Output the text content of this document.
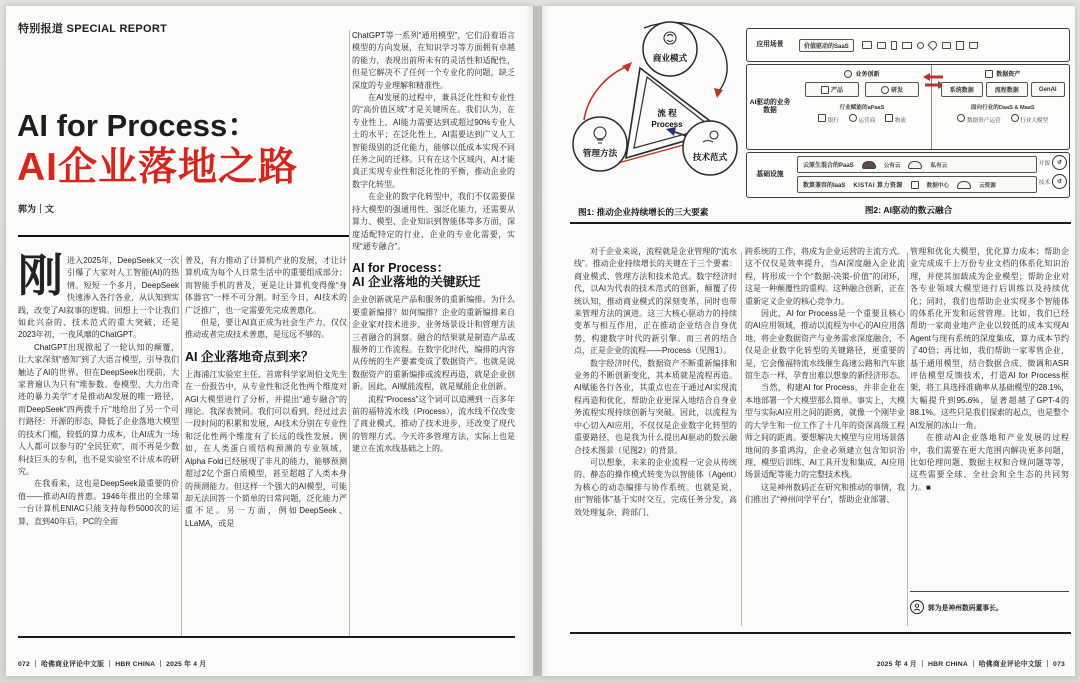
特别报道 SPECIAL REPORT
AI for Process：
AI企业落地之路
郭为｜文

刚进入2025年，DeepSeek又一次引爆了大家对人工智能(AI)的热情。短短一个多月，DeepSeek快速渗入各行各业，从认知到实践，改变了AI叙事的逻辑。回想上一个让我们如此兴奋的、技术范式的重大突破，还是2023年初，一夜风靡的ChatGPT。

ChatGPT出现掀起了一轮认知的颠覆，让大家深刻“感知”到了大语言模型，引导我们触达了AI的世界。但在DeepSeek出现前，大家普遍认为只有“堆参数、卷模型、大力出奇迹的暴力美学”才是推动AI发展的唯一路径，而DeepSeek“四两拨千斤”地给出了另一个可行路径：开源的形态，降低了企业落地大模型的技术门槛，较低的算力成本，让AI成为一场人人都可以参与的“全民狂欢”，而不再是少数科技巨头的专利，也不是实验室不计成本的研究。

在我看来，这也是DeepSeek最重要的价值——推动AI的普惠。1946年推出的全球第一台计算机ENIAC只能支持每秒5000次的运算，直到40年后，PC的全面

普及，有力推动了计算机产业的发展，才让计算机成为每个人日常生活中的重要组成部分；而智能手机的普及，更是让计算机变得像“身体器官”一样不可分割。时至今日，AI技术的广泛推广，也一定需要先完成普惠化。

但是，要让AI真正成为社会生产力，仅仅推动或者完成技术普惠，是远远不够的。

AI 企业落地奇点到来？

上海浦江实验室主任、首席科学家周伯文先生在一份报告中，从专业性和泛化性两个维度对AGI大模型进行了分析，并提出“通专融合”的理论。我深表赞同。我们可以看到，经过过去一段时间的积累和发展，AI技术分别在专业性和泛化性两个维度有了长远的线性发展。例如，在人类蛋白质结构预测的专业领域，Alpha Fold已经展现了非凡的能力，能够预测超过2亿个蛋白质模型，甚至超越了人类本身的预测能力。但这样一个强大的AI模型，可能却无法回答一个简单的日常问题，泛化能力严重不足。另一方面，例如DeepSeek、LLaMA，或是

ChatGPT等一系列“通用模型”，它们沿着语言模型的方向发展，在知识学习等方面拥有卓越的能力，表现出前所未有的灵活性和适配性，但是它解决不了任何一个专业化的问题，缺乏深度的专业理解和精准性。

在AI发展的过程中，兼具泛化性和专业性的“高价值区域”才是关键所在。我们认为，在专业性上，AI能力需要达到或超过90%专业人士的水平；在泛化性上，AI需要达到广义人工智能级别的泛化能力，能够以低成本实现不同任务之间的迁移。只有在这个区域内，AI才能真正实现专业性和泛化性的平衡，推动企业的数字化转型。

在企业的数字化转型中，我们不仅需要保持大模型的强通用性、强泛化能力，还需要从算力、模型、企业知识到智能体等多方面，深度适配特定的行业、企业的专业化需要，实现“通专融合”。

AI for Process：
AI 企业落地的关键跃迁

企业创新就是产品和服务的重新编排。为什么要重新编排？如何编排？企业的重新编排来自企业家对技术进步、业务场景设计和管理方法三者融合的洞察。融合的结果就是制造产品或服务的工作流程。在数字化时代，编排的内容从传统的生产要素变成了数据资产。也就是说数据资产的重新编排或流程再造，就是企业创新。因此，AI赋能流程，就是赋能企业创新。

流程“Process”这个词可以追溯到一百多年前的福特流水线（Process），流水线不仅改变了商业模式，推动了技术进步，还改变了现代的管理方式。今天许多管理方法，实际上也是建立在流水线基础之上的。

072 ｜ 哈佛商业评论中文版 ｜ HBR CHINA ｜ 2025 年 4 月
商业模式
管理方法	技术范式
流 程
Process
图1: 推动企业持续增长的三大要素
应用场景	价值驱动的SaaS
AI驱动的业务数据
业务创新
产品	研发
行业赋能的aPaaS
银行	运营商	物流
数据资产
系统数据	流程数据	GenAI
面向行业的DaaS & MaaS
数据资产运营	行业大模型
基础设施
云原生混合的PaaS	公有云	私有云
数算兼容的IaaS KISTAI 算力资源	数据中心	云资源
开源	↺
技术	↺
图2: AI驱动的数云融合

对于企业来说，流程就是企业管理的“流水线”。推动企业持续增长的关键在于三个要素：商业模式、管理方法和技术范式。数字经济时代，以AI为代表的技术范式的创新，颠覆了传统认知，推动商业模式的深刻变革，同时也带来管理方法的演进。这三大核心驱动力的持续变革与相互作用，正在推动企业结合自身优势，构建数字时代的新引擎。而三者的结合点，正是企业的流程——Process（见图1）。

数字经济时代，数据资产不断重新编排和业务的不断创新变化，其本质就是流程再造。AI赋能各行各业，其重点也在于通过AI实现流程再造和优化，帮助企业更深入地结合自身业务流程实现持续创新与突破。因此，以流程为中心切入AI应用，不仅仅是企业数字化转型的重要路径，也是我为什么提出AI驱动的数云融合技术图景（见图2）的背景。

可以想象，未来的企业流程一定会从传统的、静态的操作模式转变为以智能体（Agent）为核心的动态编排与协作系统。也就是说，由“智能体”基于实时交互，完成任务分发，高效处理复杂、跨部门、

跨系统的工作，将成为企业运营的主流方式。这不仅仅是效率提升，当AI深度融入企业流程，将形成一个个“数据-决策-价值”的闭环，这是一种颠覆性的重构。这种融合创新，正在重新定义企业的核心竞争力。

因此，AI for Process是一个重要且核心的AI应用领域，推动以流程为中心的AI应用落地，将企业数据资产与业务需求深度融合，不仅是企业数字化转型的关键路径，更重要的是，它会像福特流水线催生高速公路和汽车旅馆生态一样，孕育出难以想象的新经济形态。

当然，构建AI for Process，并非企业在本地部署一个大模型那么简单。事实上，大模型与实际AI应用之间的距离，就像一个刚毕业的大学生和一位工作了十几年的资深高级工程师之间的距离。要想解决大模型与应用场景落地间的多重鸿沟，企业必须建立包含知识治理、模型后训练、AI工具开发和集成、AI应用场景适配等能力的完整技术栈。

这是神州数码正在研究和推动的事情，我们推出了“神州问学平台”，帮助企业部署、

管理和优化大模型，优化算力成本；帮助企业完成成千上万份专业文档的体系化知识治理，并使其加载成为企业模型；帮助企业对各专业领域大模型进行后训练以及持续优化；同时，我们也帮助企业实现多个智能体的体系化开发和运营管理。比如，我们已经帮助一家商业地产企业以较低的成本实现AI Agent与现有系统的深度集成，算力成本节约了40倍；再比如，我们帮助一家零售企业，基于通用模型，结合数据合成、微调和ASR评估模型反馈技术，打造AI for Process框架，将工具选择准确率从基础模型的28.1%，大幅提升到95.6%，显著超越了GPT-4的88.1%。这些只是我们探索的起点，也是整个AI发展的冰山一角。

在推动AI企业落地和产业发展的过程中，我们需要在更大范围内解决更多问题，比如伦理问题、数据主权和合规问题等等，这些需要全球、全社会和全生态的共同努力。■

郭为是神州数码董事长。
2025 年 4 月 ｜ HBR CHINA ｜ 哈佛商业评论中文版 ｜ 073
